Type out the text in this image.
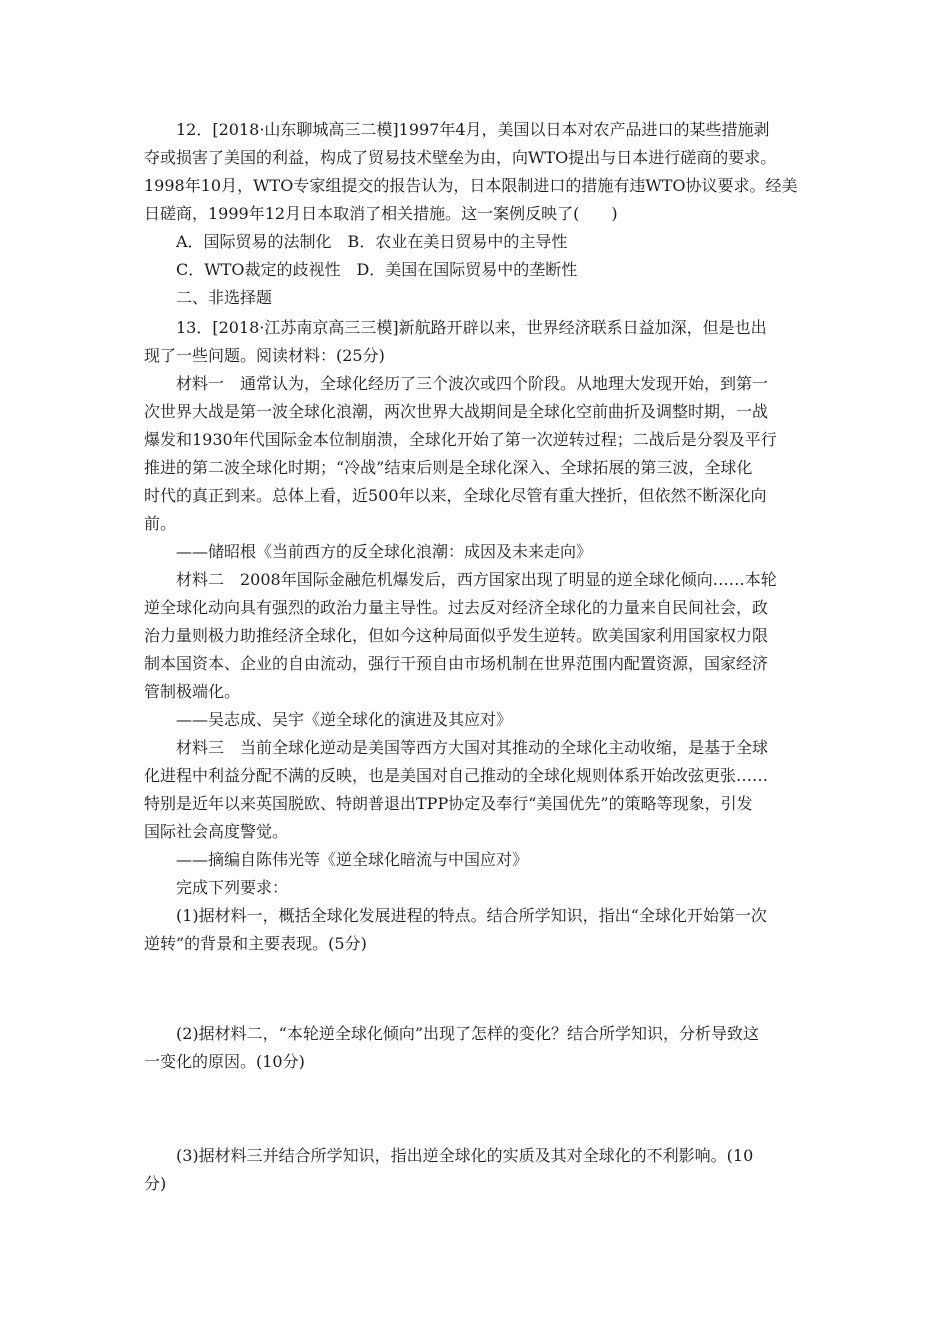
12．[2018·山东聊城高三二模]1997年4月，美国以日本对农产品进口的某些措施剥
夺或损害了美国的利益，构成了贸易技术壁垒为由，向WTO提出与日本进行磋商的要求。
1998年10月，WTO专家组提交的报告认为，日本限制进口的措施有违WTO协议要求。经美
日磋商，1999年12月日本取消了相关措施。这一案例反映了(　　)
A．国际贸易的法制化　B．农业在美日贸易中的主导性
C．WTO裁定的歧视性　D．美国在国际贸易中的垄断性
二、非选择题
13．[2018·江苏南京高三三模]新航路开辟以来，世界经济联系日益加深，但是也出
现了一些问题。阅读材料：(25分)
材料一　通常认为，全球化经历了三个波次或四个阶段。从地理大发现开始，到第一
次世界大战是第一波全球化浪潮，两次世界大战期间是全球化空前曲折及调整时期，一战
爆发和1930年代国际金本位制崩溃，全球化开始了第一次逆转过程；二战后是分裂及平行
推进的第二波全球化时期；“冷战”结束后则是全球化深入、全球拓展的第三波，全球化
时代的真正到来。总体上看，近500年以来，全球化尽管有重大挫折，但依然不断深化向
前。
——储昭根《当前西方的反全球化浪潮：成因及未来走向》
材料二　2008年国际金融危机爆发后，西方国家出现了明显的逆全球化倾向……本轮
逆全球化动向具有强烈的政治力量主导性。过去反对经济全球化的力量来自民间社会，政
治力量则极力助推经济全球化，但如今这种局面似乎发生逆转。欧美国家利用国家权力限
制本国资本、企业的自由流动，强行干预自由市场机制在世界范围内配置资源，国家经济
管制极端化。
——吴志成、吴宇《逆全球化的演进及其应对》
材料三　当前全球化逆动是美国等西方大国对其推动的全球化主动收缩，是基于全球
化进程中利益分配不满的反映，也是美国对自己推动的全球化规则体系开始改弦更张……
特别是近年以来英国脱欧、特朗普退出TPP协定及奉行“美国优先”的策略等现象，引发
国际社会高度警觉。
——摘编自陈伟光等《逆全球化暗流与中国应对》
完成下列要求：
(1)据材料一，概括全球化发展进程的特点。结合所学知识，指出“全球化开始第一次
逆转”的背景和主要表现。(5分)
(2)据材料二，“本轮逆全球化倾向”出现了怎样的变化？结合所学知识，分析导致这
一变化的原因。(10分)
(3)据材料三并结合所学知识，指出逆全球化的实质及其对全球化的不利影响。(10
分)
